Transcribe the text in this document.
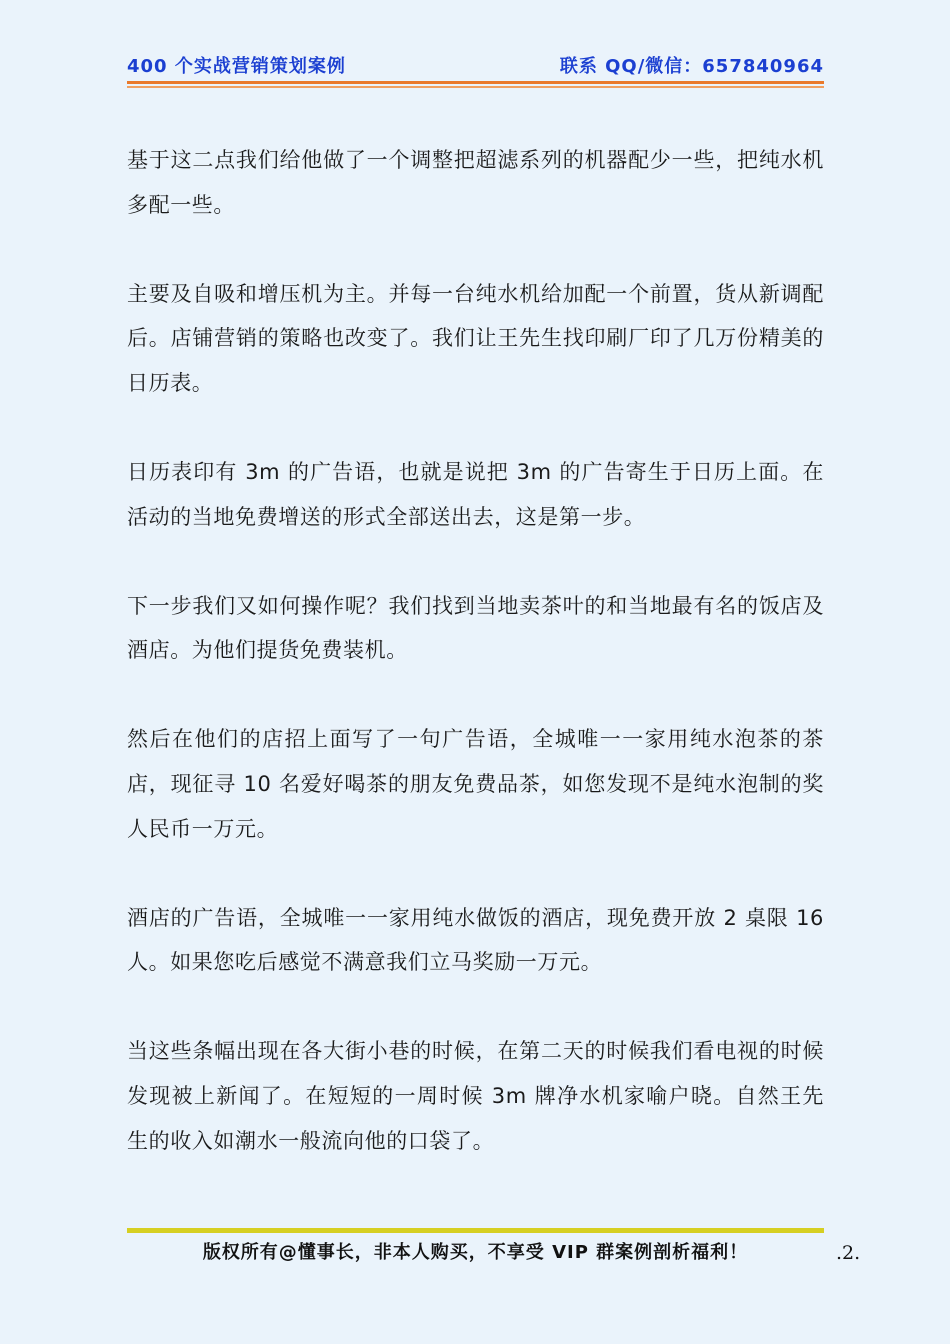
400 个实战营销策划案例	联系 QQ/微信：657840964

基于这二点我们给他做了一个调整把超滤系列的机器配少一些，把纯水机多配一些。

主要及自吸和增压机为主。并每一台纯水机给加配一个前置，货从新调配后。店铺营销的策略也改变了。我们让王先生找印刷厂印了几万份精美的日历表。

日历表印有 3m 的广告语，也就是说把 3m 的广告寄生于日历上面。在活动的当地免费增送的形式全部送出去，这是第一步。

下一步我们又如何操作呢？我们找到当地卖茶叶的和当地最有名的饭店及酒店。为他们提货免费装机。

然后在他们的店招上面写了一句广告语，全城唯一一家用纯水泡茶的茶店，现征寻 10 名爱好喝茶的朋友免费品茶，如您发现不是纯水泡制的奖人民币一万元。

酒店的广告语，全城唯一一家用纯水做饭的酒店，现免费开放 2 桌限 16 人。如果您吃后感觉不满意我们立马奖励一万元。

当这些条幅出现在各大街小巷的时候，在第二天的时候我们看电视的时候发现被上新闻了。在短短的一周时候 3m 牌净水机家喻户晓。自然王先生的收入如潮水一般流向他的口袋了。

版权所有@懂事长，非本人购买，不享受 VIP 群案例剖析福利！	.2.
